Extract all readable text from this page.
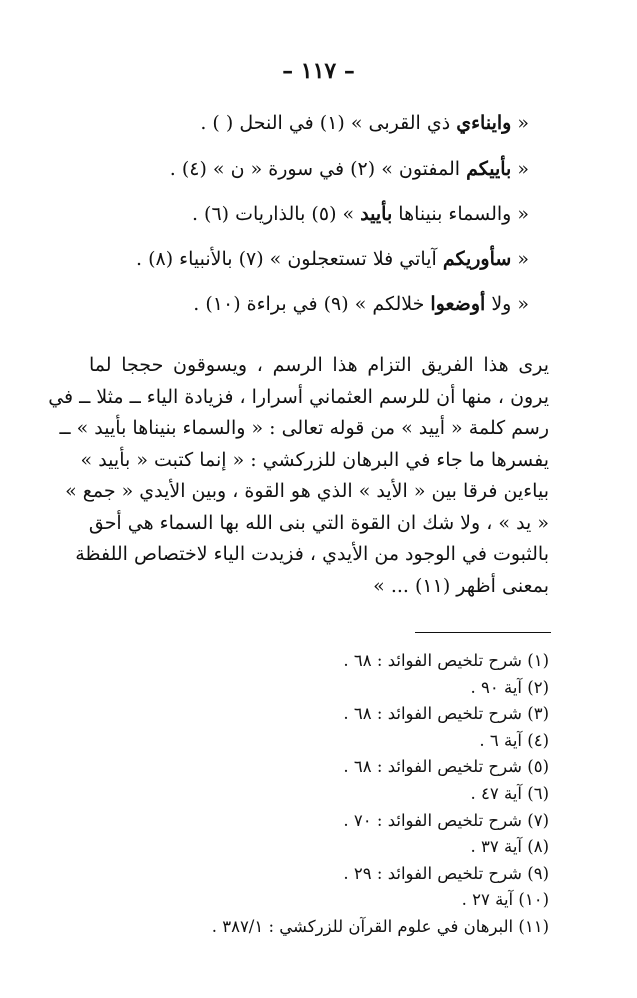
– ١١٧ –
« وايناءي ذي القربى » (١) في النحل ( ) .
« بأييكم المفتون » (٢) في سورة « ن » (٤) .
« والسماء بنيناها بأييد » (٥) بالذاريات (٦) .
« سأوريكم آياتي فلا تستعجلون » (٧) بالأنبياء (٨) .
« ولا أوضعوا خلالكم » (٩) في براءة (١٠) .
يرى هذا الفريق التزام هذا الرسم ، ويسوقون حججا لما
يرون ، منها أن للرسم العثماني أسرارا ، فزيادة الياء ــ مثلا ــ في
رسم كلمة « أييد » من قوله تعالى : « والسماء بنيناها بأييد » ــ
يفسرها ما جاء في البرهان للزركشي : « إنما كتبت « بأييد »
بياءين فرقا بين « الأيد » الذي هو القوة ، وبين الأيدي « جمع »
« يد » ، ولا شك ان القوة التي بنى الله بها السماء هي أحق
بالثبوت في الوجود من الأيدي ، فزيدت الياء لاختصاص اللفظة
بمعنى أظهر (١١) ... »
(١) شرح تلخيص الفوائد : ٦٨ .
(٢) آية ٩٠ .
(٣) شرح تلخيص الفوائد : ٦٨ .
(٤) آية ٦ .
(٥) شرح تلخيص الفوائد : ٦٨ .
(٦) آية ٤٧ .
(٧) شرح تلخيص الفوائد : ٧٠ .
(٨) آية ٣٧ .
(٩) شرح تلخيص الفوائد : ٢٩ .
(١٠) آية ٢٧ .
(١١) البرهان في علوم القرآن للزركشي : ٣٨٧/١ .
